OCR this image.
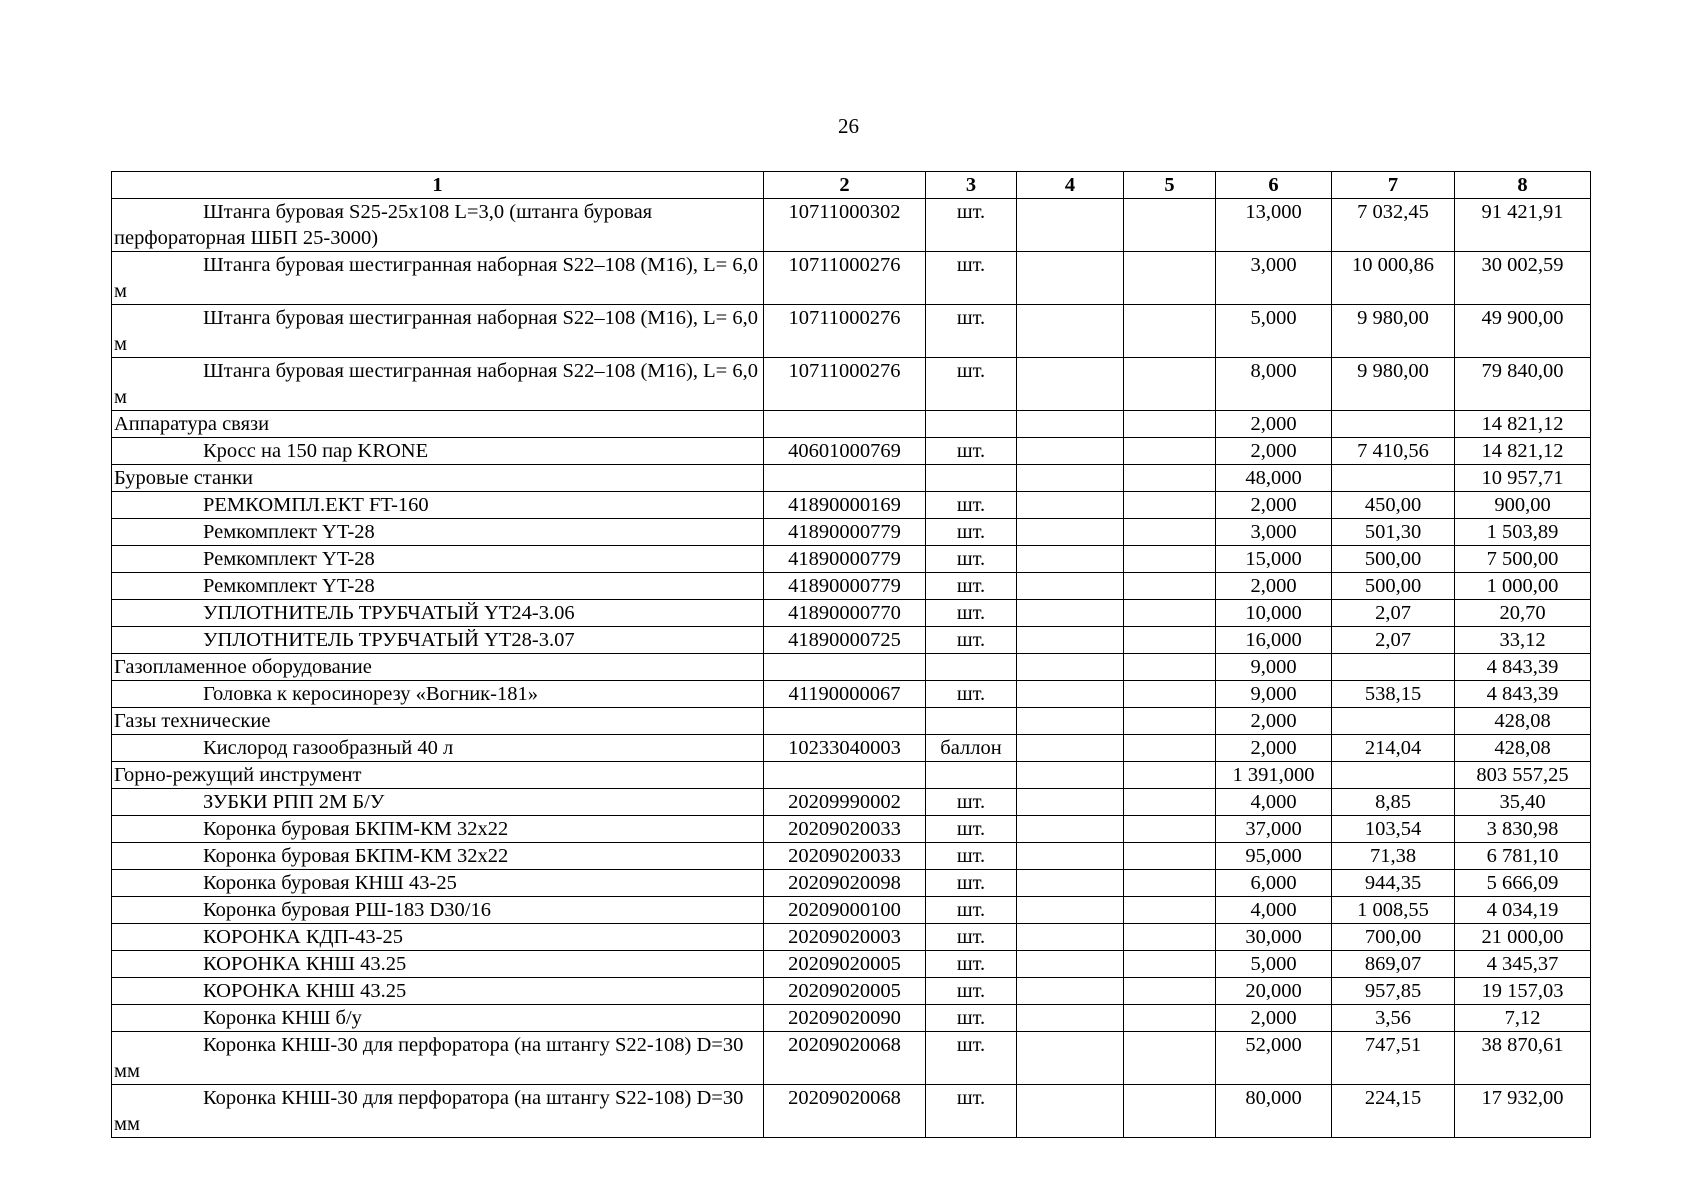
26
1	2	3	4	5	6	7	8
Штанга буровая S25-25x108 L=3,0 (штанга буровая перфораторная ШБП 25-3000)	10711000302	шт.			13,000	7 032,45	91 421,91
Штанга буровая шестигранная наборная S22–108 (M16), L= 6,0 м	10711000276	шт.			3,000	10 000,86	30 002,59
Штанга буровая шестигранная наборная S22–108 (M16), L= 6,0 м	10711000276	шт.			5,000	9 980,00	49 900,00
Штанга буровая шестигранная наборная S22–108 (M16), L= 6,0 м	10711000276	шт.			8,000	9 980,00	79 840,00
Аппаратура связи					2,000		14 821,12
Кросс на 150 пар KRONE	40601000769	шт.			2,000	7 410,56	14 821,12
Буровые станки					48,000		10 957,71
РЕМКОМПЛ.ЕКТ FT-160	41890000169	шт.			2,000	450,00	900,00
Ремкомплект YT-28	41890000779	шт.			3,000	501,30	1 503,89
Ремкомплект YT-28	41890000779	шт.			15,000	500,00	7 500,00
Ремкомплект YT-28	41890000779	шт.			2,000	500,00	1 000,00
УПЛОТНИТЕЛЬ ТРУБЧАТЫЙ YT24-3.06	41890000770	шт.			10,000	2,07	20,70
УПЛОТНИТЕЛЬ ТРУБЧАТЫЙ YT28-3.07	41890000725	шт.			16,000	2,07	33,12
Газопламенное оборудование					9,000		4 843,39
Головка к керосинорезу «Вогник-181»	41190000067	шт.			9,000	538,15	4 843,39
Газы технические					2,000		428,08
Кислород газообразный 40 л	10233040003	баллон			2,000	214,04	428,08
Горно-режущий инструмент					1 391,000		803 557,25
ЗУБКИ РПП 2М Б/У	20209990002	шт.			4,000	8,85	35,40
Коронка буровая БКПМ-КМ 32x22	20209020033	шт.			37,000	103,54	3 830,98
Коронка буровая БКПМ-КМ 32x22	20209020033	шт.			95,000	71,38	6 781,10
Коронка буровая КНШ 43-25	20209020098	шт.			6,000	944,35	5 666,09
Коронка буровая РШ-183 D30/16	20209000100	шт.			4,000	1 008,55	4 034,19
КОРОНКА КДП-43-25	20209020003	шт.			30,000	700,00	21 000,00
КОРОНКА КНШ 43.25	20209020005	шт.			5,000	869,07	4 345,37
КОРОНКА КНШ 43.25	20209020005	шт.			20,000	957,85	19 157,03
Коронка КНШ б/у	20209020090	шт.			2,000	3,56	7,12
Коронка КНШ-30 для перфоратора (на штангу S22-108) D=30 мм	20209020068	шт.			52,000	747,51	38 870,61
Коронка КНШ-30 для перфоратора (на штангу S22-108) D=30 мм	20209020068	шт.			80,000	224,15	17 932,00
